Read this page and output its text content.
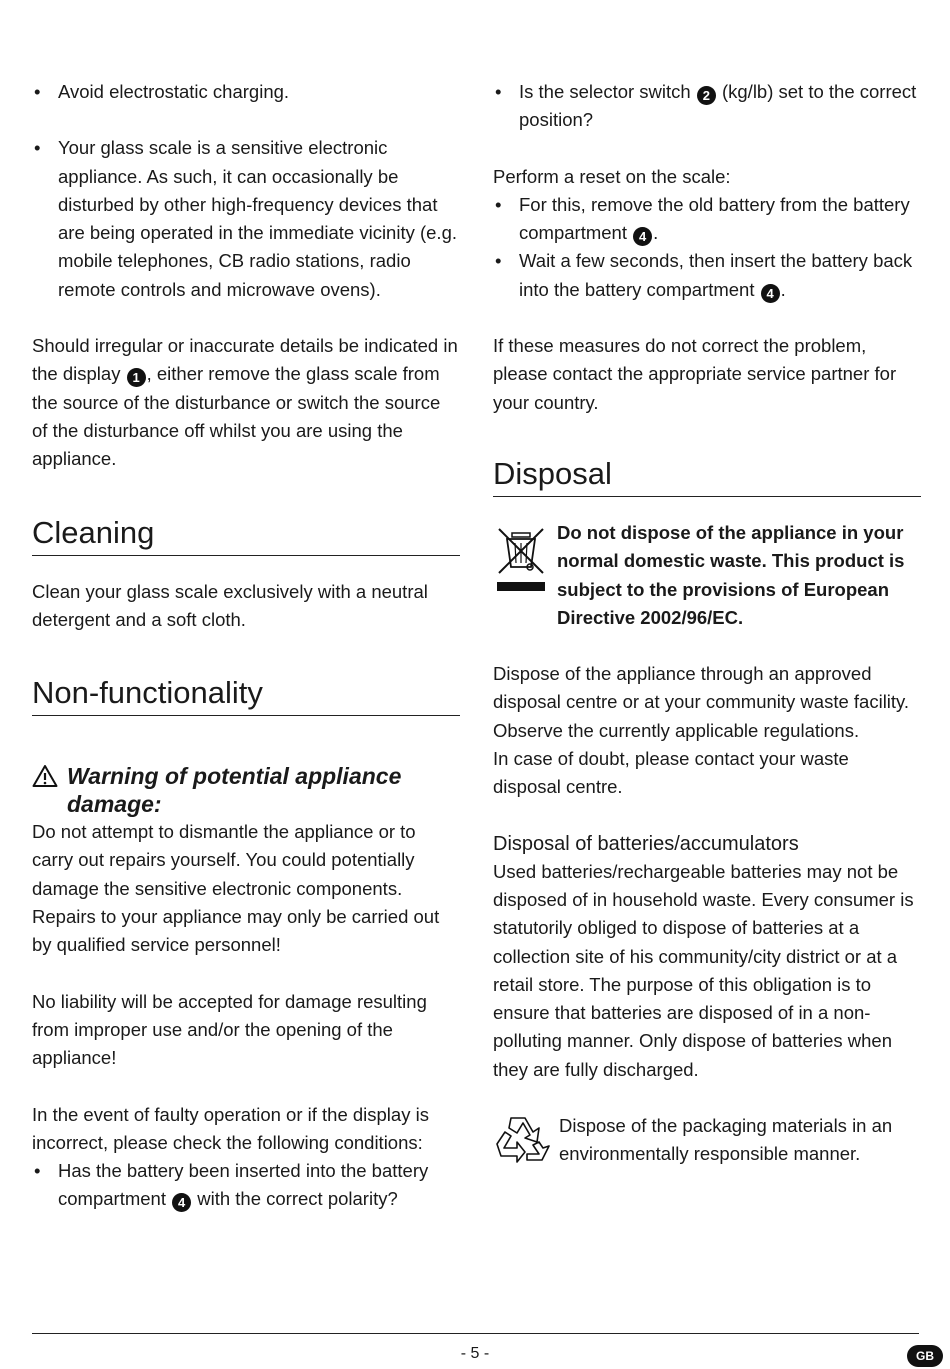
• Avoid electrostatic charging.

• Your glass scale is a sensitive electronic appliance. As such, it can occasionally be disturbed by other high-frequency devices that are being operated in the immediate vicinity (e.g. mobile telephones, CB radio stations, radio remote controls and microwave ovens).

Should irregular or inaccurate details be indicated in the display 1 , either remove the glass scale from the source of the disturbance or switch the source of the disturbance off whilst you are using the appliance.

Cleaning

Clean your glass scale exclusively with a neutral detergent and a soft cloth.

Non-functionality
Warning of potential appliance damage:

Do not attempt to dismantle the appliance or to carry out repairs yourself. You could potentially damage the sensitive electronic components.

Repairs to your appliance may only be carried out by qualified service personnel!

No liability will be accepted for damage resulting from improper use and/or the opening of the appliance!

In the event of faulty operation or if the display is incorrect, please check the following conditions:

• Has the battery been inserted into the battery compartment 4 with the correct polarity?

• Is the selector switch 2 (kg/lb) set to the correct position?

Perform a reset on the scale:

• For this, remove the old battery from the battery compartment 4 .

• Wait a few seconds, then insert the battery back into the battery compartment 4 .

If these measures do not correct the problem, please contact the appropriate service partner for your country.

Disposal

Do not dispose of the appliance in your normal domestic waste. This product is subject to the provisions of European Directive 2002/96/EC.

Dispose of the appliance through an approved disposal centre or at your community waste facility. Observe the currently applicable regulations.

In case of doubt, please contact your waste disposal centre.

Disposal of batteries/accumulators

Used batteries/rechargeable batteries may not be disposed of in household waste. Every consumer is statutorily obliged to dispose of batteries at a collection site of his community/city district or at a retail store. The purpose of this obligation is to ensure that batteries are disposed of in a non-polluting manner. Only dispose of batteries when they are fully discharged.

Dispose of the packaging materials in an environmentally responsible manner.

- 5 -	GB
